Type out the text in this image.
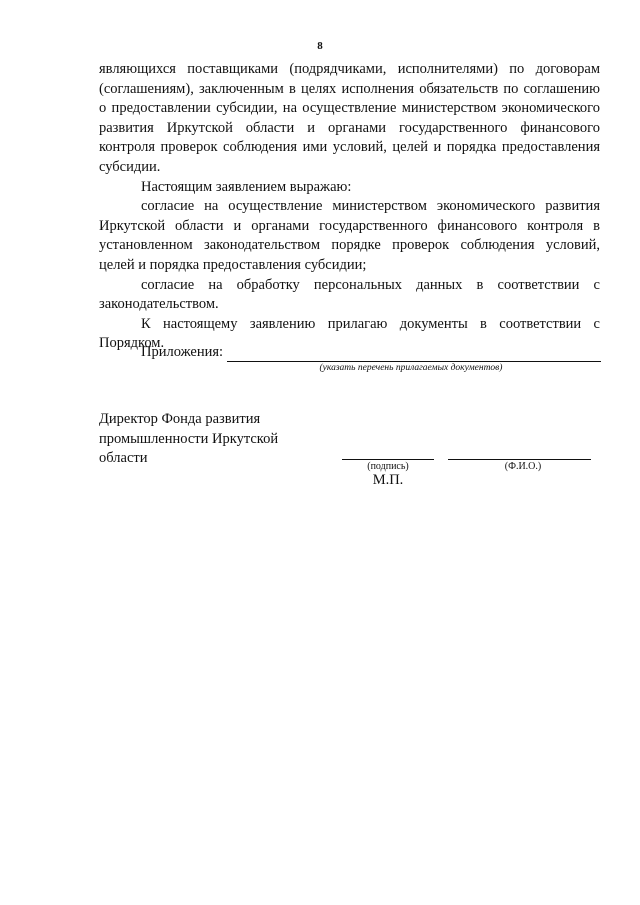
8

являющихся поставщиками (подрядчиками, исполнителями) по договорам (соглашениям), заключенным в целях исполнения обязательств по соглашению о предоставлении субсидии, на осуществление министерством экономического развития Иркутской области и органами государственного финансового контроля проверок соблюдения ими условий, целей и порядка предоставления субсидии.

Настоящим заявлением выражаю:

согласие на осуществление министерством экономического развития Иркутской области и органами государственного финансового контроля в установленном законодательством порядке проверок соблюдения условий, целей и порядка предоставления субсидии;

согласие на обработку персональных данных в соответствии с законодательством.

К настоящему заявлению прилагаю документы в соответствии с Порядком.

Приложения:
(указать перечень прилагаемых документов)
Директор Фонда развития
промышленности Иркутской
области
(подпись)	(Ф.И.О.)
М.П.
